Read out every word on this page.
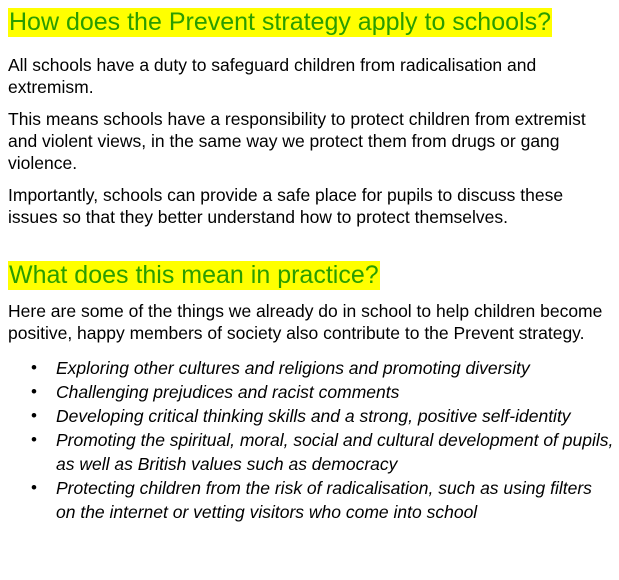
How does the Prevent strategy apply to schools?

All schools have a duty to safeguard children from radicalisation and extremism.

This means schools have a responsibility to protect children from extremist and violent views, in the same way we protect them from drugs or gang violence.

Importantly, schools can provide a safe place for pupils to discuss these issues so that they better understand how to protect themselves.

What does this mean in practice?

Here are some of the things we already do in school to help children become positive, happy members of society also contribute to the Prevent strategy.

• Exploring other cultures and religions and promoting diversity
• Challenging prejudices and racist comments
• Developing critical thinking skills and a strong, positive self-identity
• Promoting the spiritual, moral, social and cultural development of pupils, as well as British values such as democracy
• Protecting children from the risk of radicalisation, such as using filters on the internet or vetting visitors who come into school
